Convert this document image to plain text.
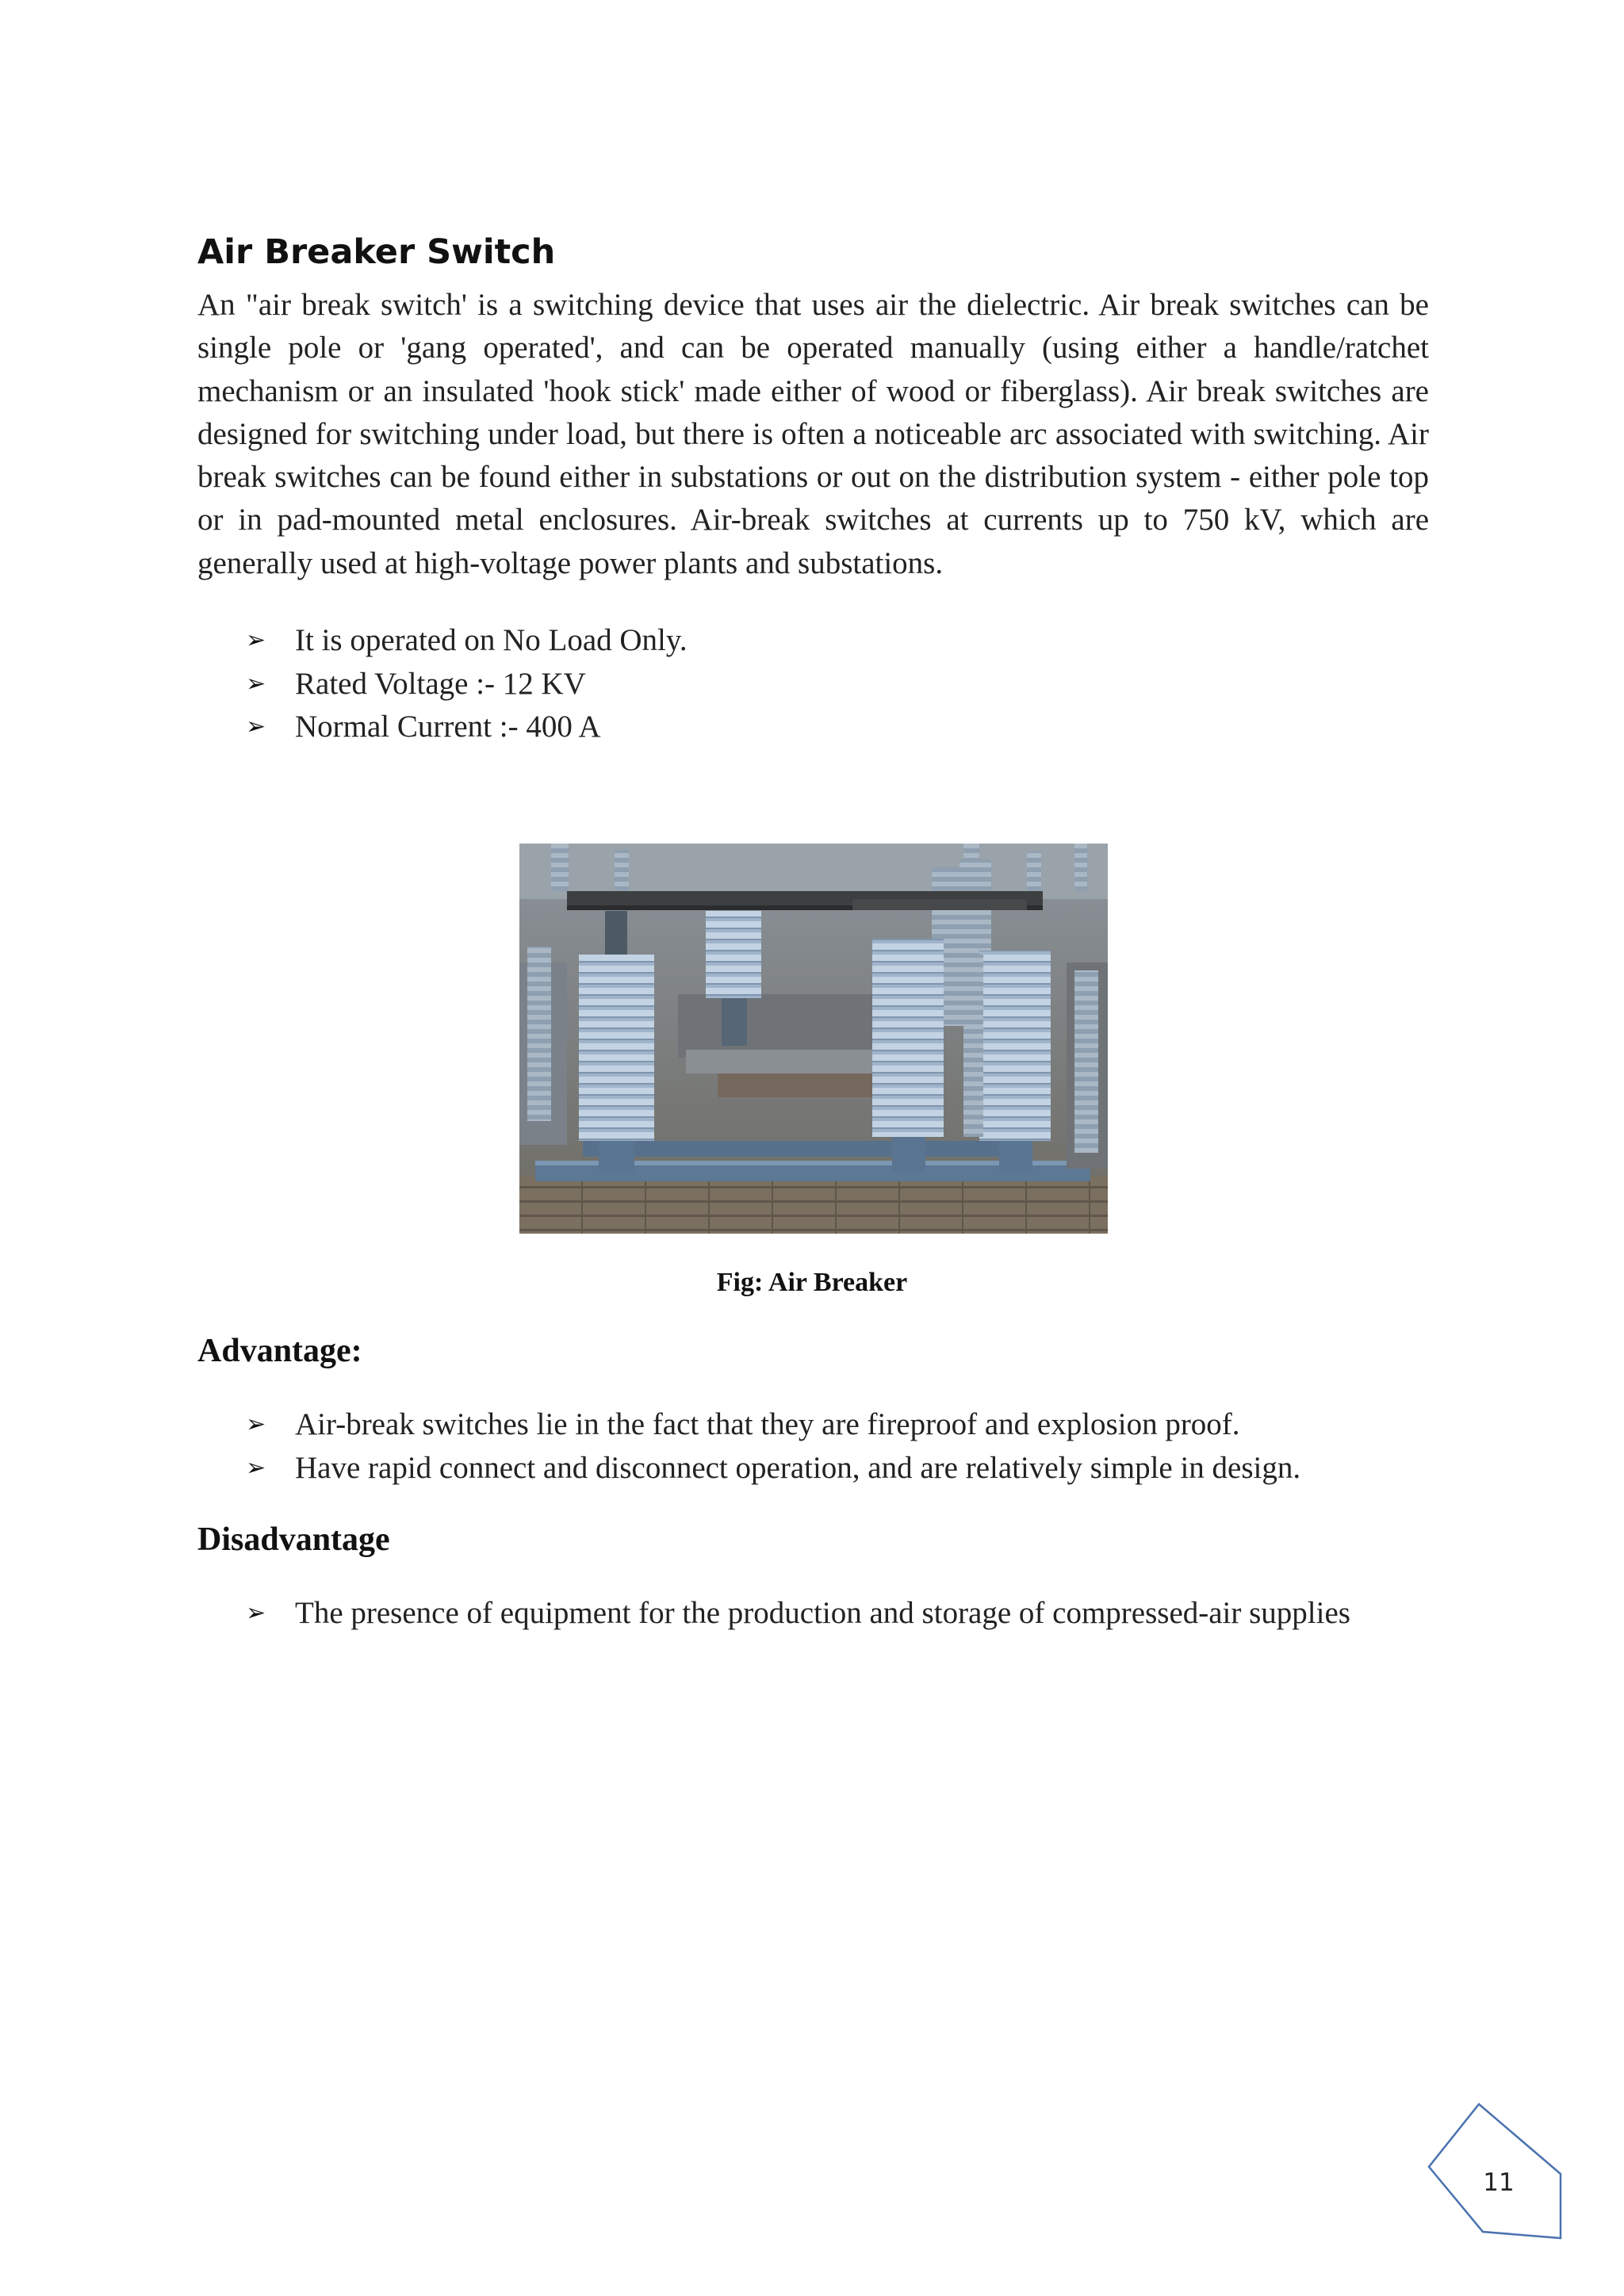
Air Breaker Switch

An "air break switch' is a switching device that uses air the dielectric. Air break switches can be single pole or 'gang operated', and can be operated manually (using either a handle/ratchet mechanism or an insulated 'hook stick' made either of wood or fiberglass). Air break switches are designed for switching under load, but there is often a noticeable arc associated with switching. Air break switches can be found either in substations or out on the distribution system - either pole top or in pad-mounted metal enclosures. Air-break switches at currents up to 750 kV, which are generally used at high-voltage power plants and substations.

➢ It is operated on No Load Only.
➢ Rated Voltage :- 12 KV
➢ Normal Current :- 400 A
Fig: Air Breaker
Advantage:
➢ Air-break switches lie in the fact that they are fireproof and explosion proof.
➢ Have rapid connect and disconnect operation, and are relatively simple in design.
Disadvantage
➢ The presence of equipment for the production and storage of compressed-air supplies
11
